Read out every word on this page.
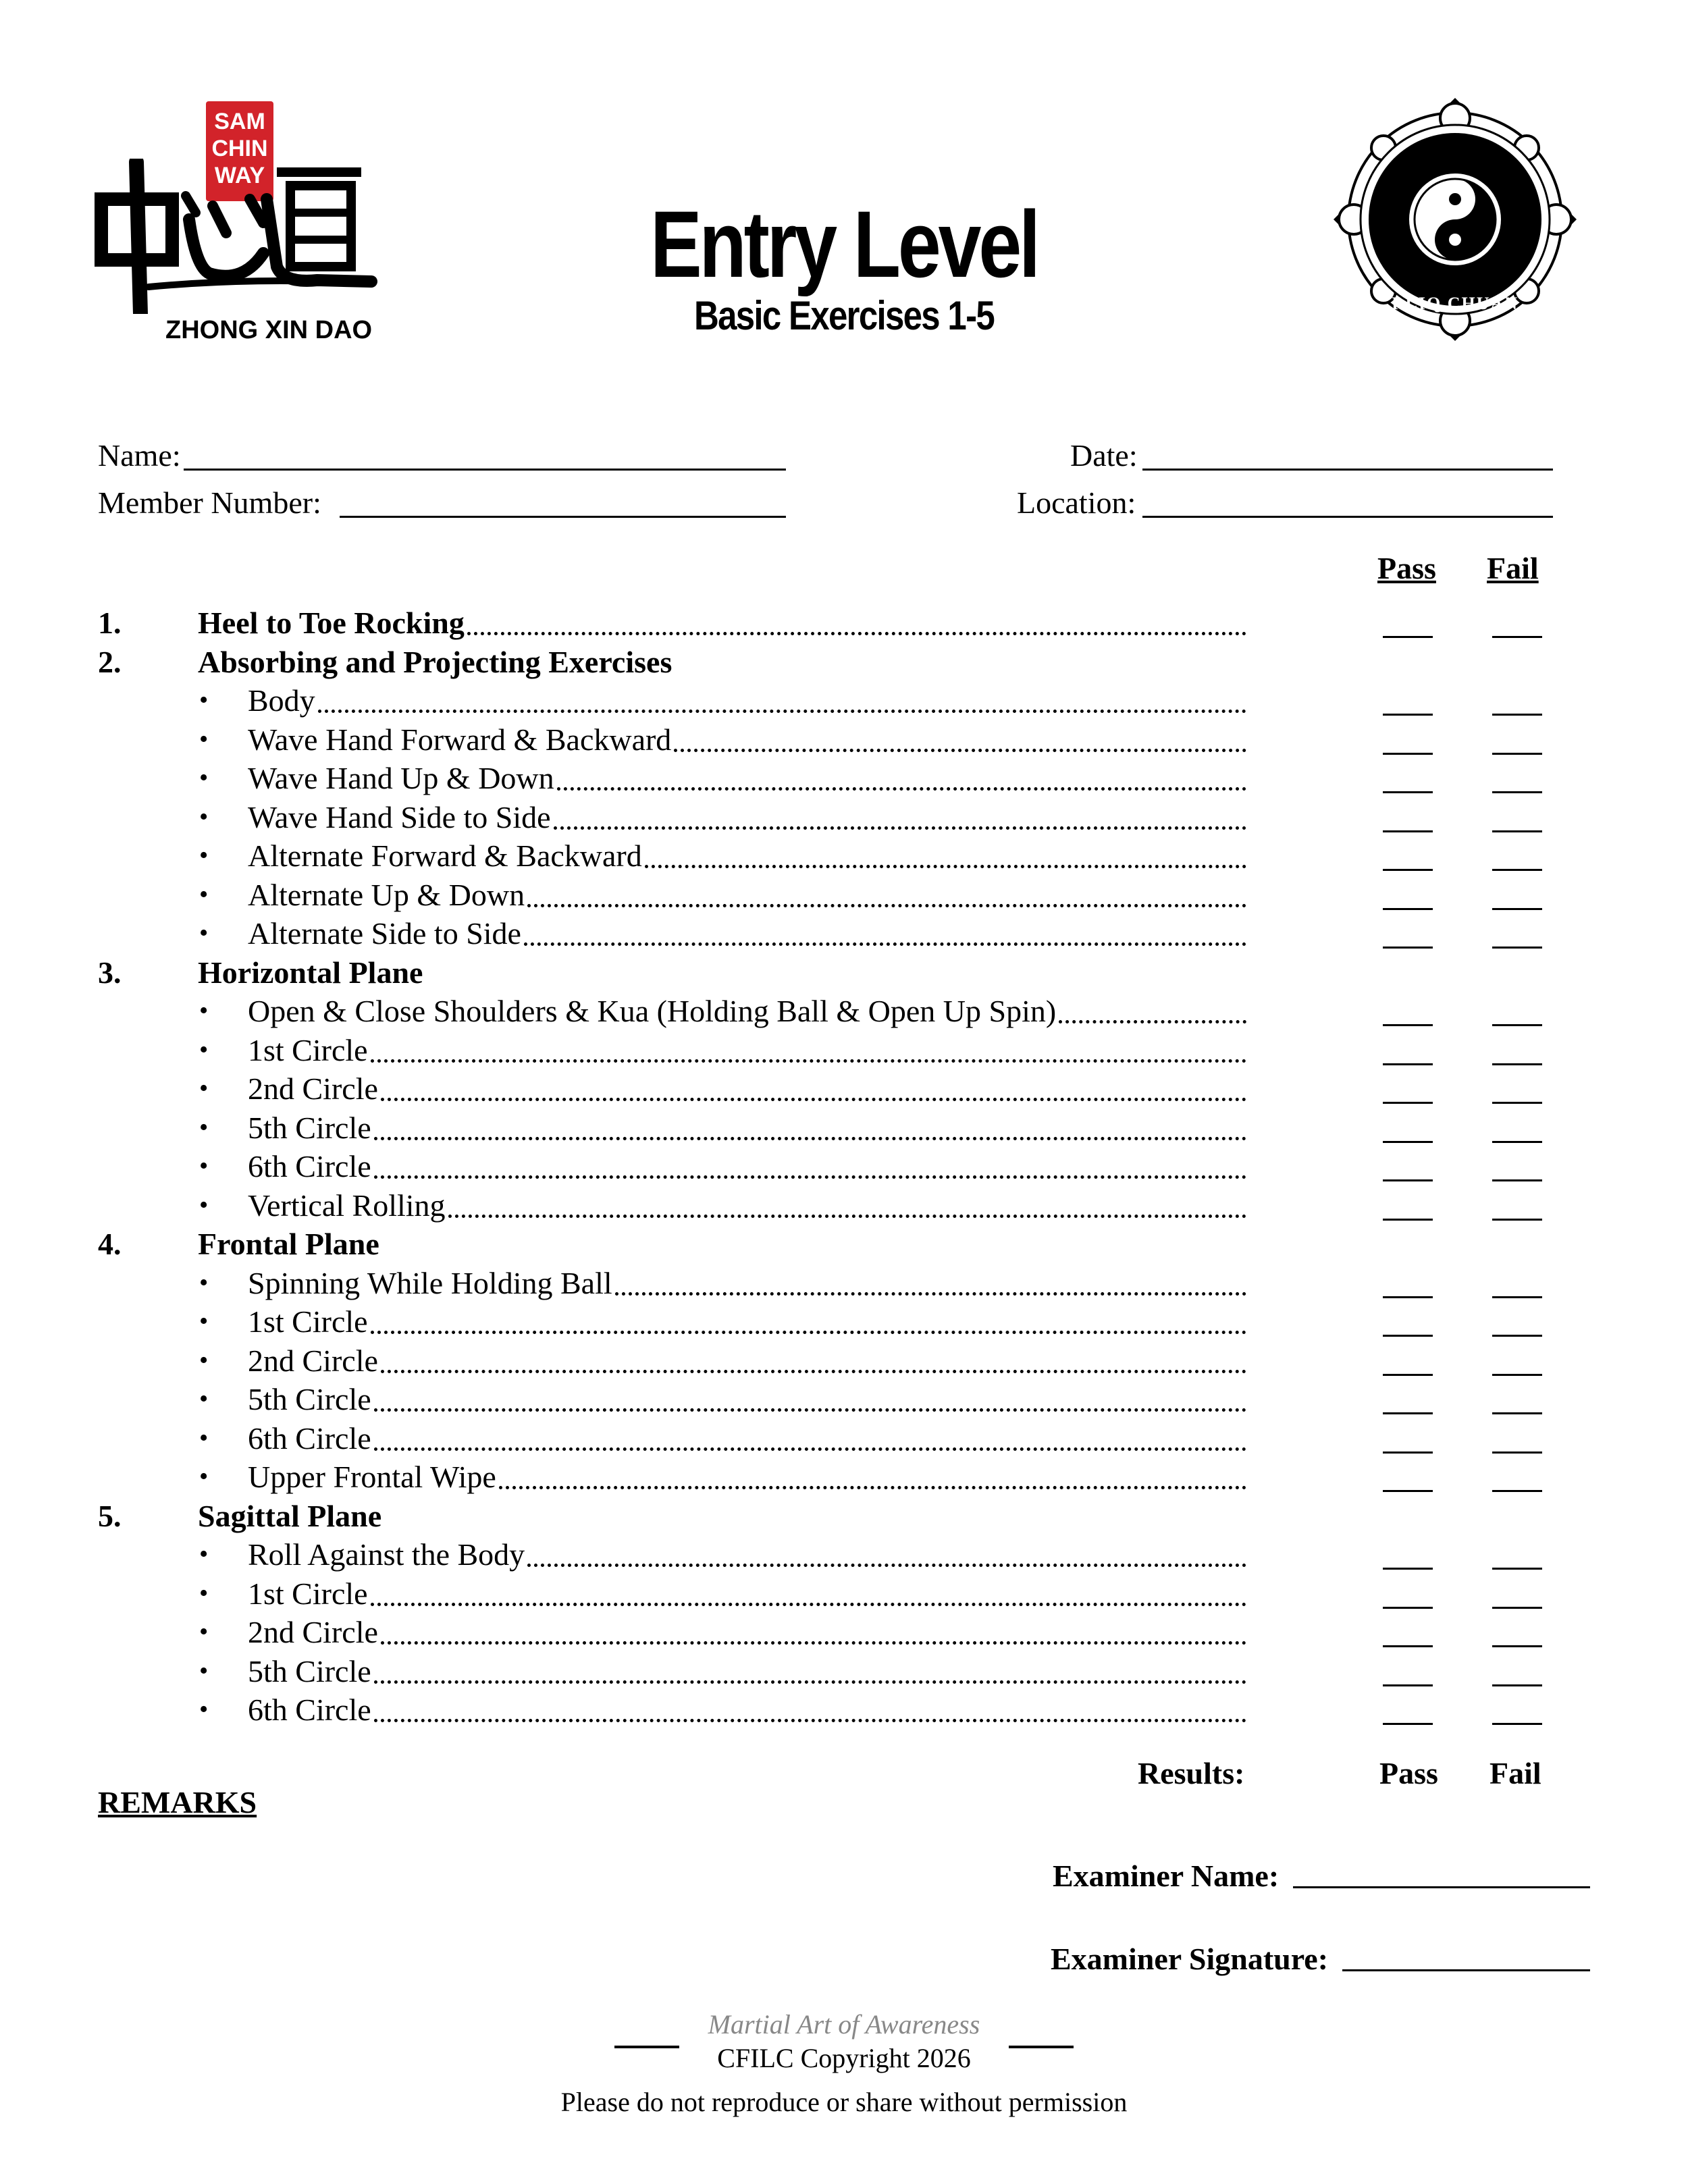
SAM
CHIN
WAY
ZHONG XIN DAO
I LIQ CHUAN
Entry Level
Basic Exercises 1-5
Name:
Member Number:
Date:
Location:
Pass Fail
1. Heel to Toe Rocking
2. Absorbing and Projecting Exercises
• Body
• Wave Hand Forward & Backward
• Wave Hand Up & Down
• Wave Hand Side to Side
• Alternate Forward & Backward
• Alternate Up & Down
• Alternate Side to Side
3. Horizontal Plane
• Open & Close Shoulders & Kua (Holding Ball & Open Up Spin)
• 1st Circle
• 2nd Circle
• 5th Circle
• 6th Circle
• Vertical Rolling
4. Frontal Plane
• Spinning While Holding Ball
• 1st Circle
• 2nd Circle
• 5th Circle
• 6th Circle
• Upper Frontal Wipe
5. Sagittal Plane
• Roll Against the Body
• 1st Circle
• 2nd Circle
• 5th Circle
• 6th Circle
Results:	Pass Fail
REMARKS
Examiner Name:
Examiner Signature:
Martial Art of Awareness
CFILC Copyright 2026
Please do not reproduce or share without permission
